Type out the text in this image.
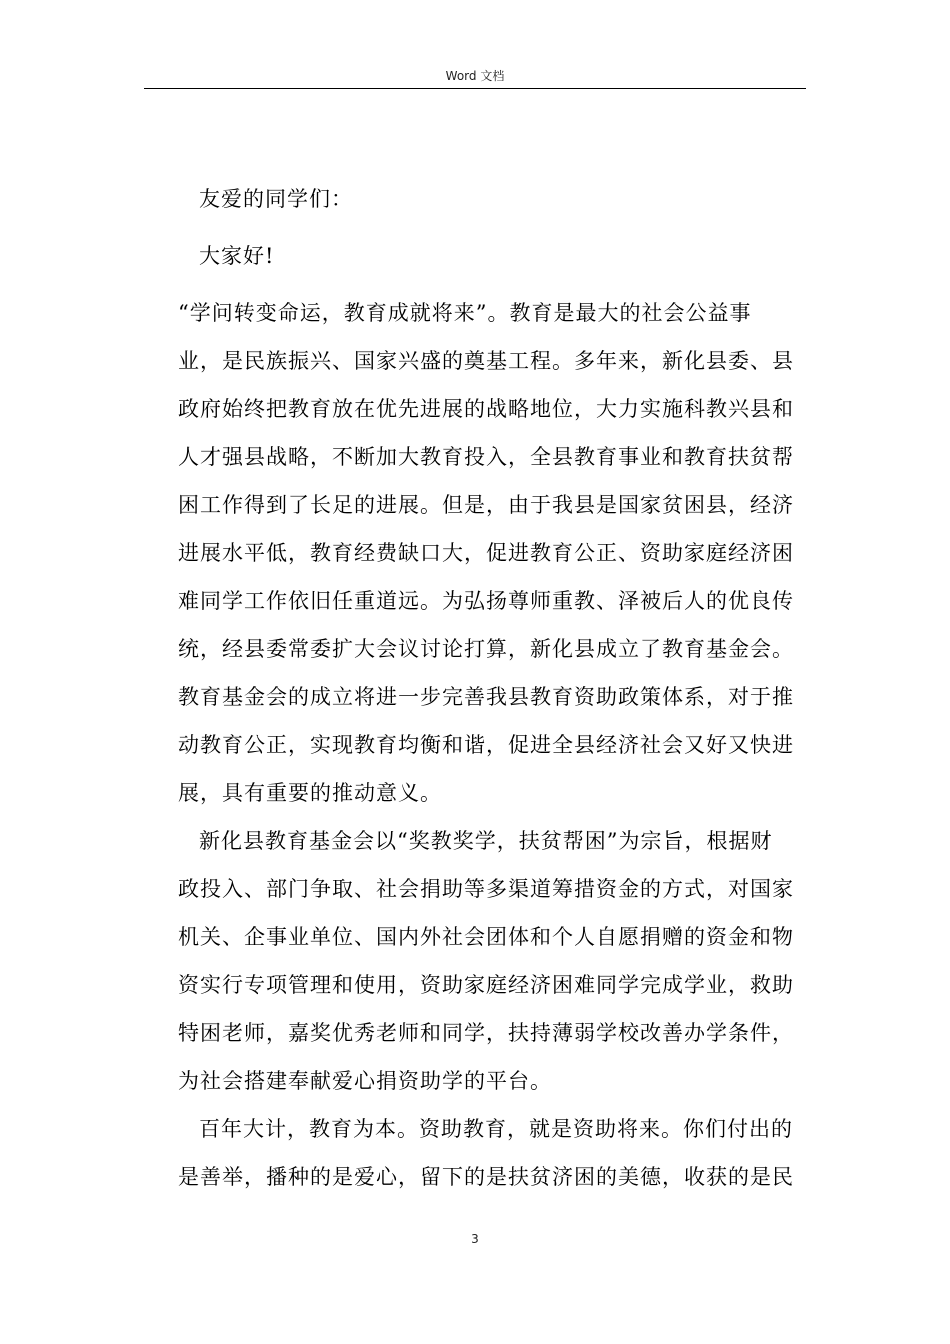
Word 文档
友爱的同学们：
大家好!
“学问转变命运，教育成就将来”。教育是最大的社会公益事
业，是民族振兴、国家兴盛的奠基工程。多年来，新化县委、县
政府始终把教育放在优先进展的战略地位，大力实施科教兴县和
人才强县战略，不断加大教育投入，全县教育事业和教育扶贫帮
困工作得到了长足的进展。但是，由于我县是国家贫困县，经济
进展水平低，教育经费缺口大，促进教育公正、资助家庭经济困
难同学工作依旧任重道远。为弘扬尊师重教、泽被后人的优良传
统，经县委常委扩大会议讨论打算，新化县成立了教育基金会。
教育基金会的成立将进一步完善我县教育资助政策体系，对于推
动教育公正，实现教育均衡和谐，促进全县经济社会又好又快进
展，具有重要的推动意义。
新化县教育基金会以“奖教奖学，扶贫帮困”为宗旨，根据财
政投入、部门争取、社会捐助等多渠道筹措资金的方式，对国家
机关、企事业单位、国内外社会团体和个人自愿捐赠的资金和物
资实行专项管理和使用，资助家庭经济困难同学完成学业，救助
特困老师，嘉奖优秀老师和同学，扶持薄弱学校改善办学条件，
为社会搭建奉献爱心捐资助学的平台。
百年大计，教育为本。资助教育，就是资助将来。你们付出的
是善举，播种的是爱心，留下的是扶贫济困的美德，收获的是民
3
